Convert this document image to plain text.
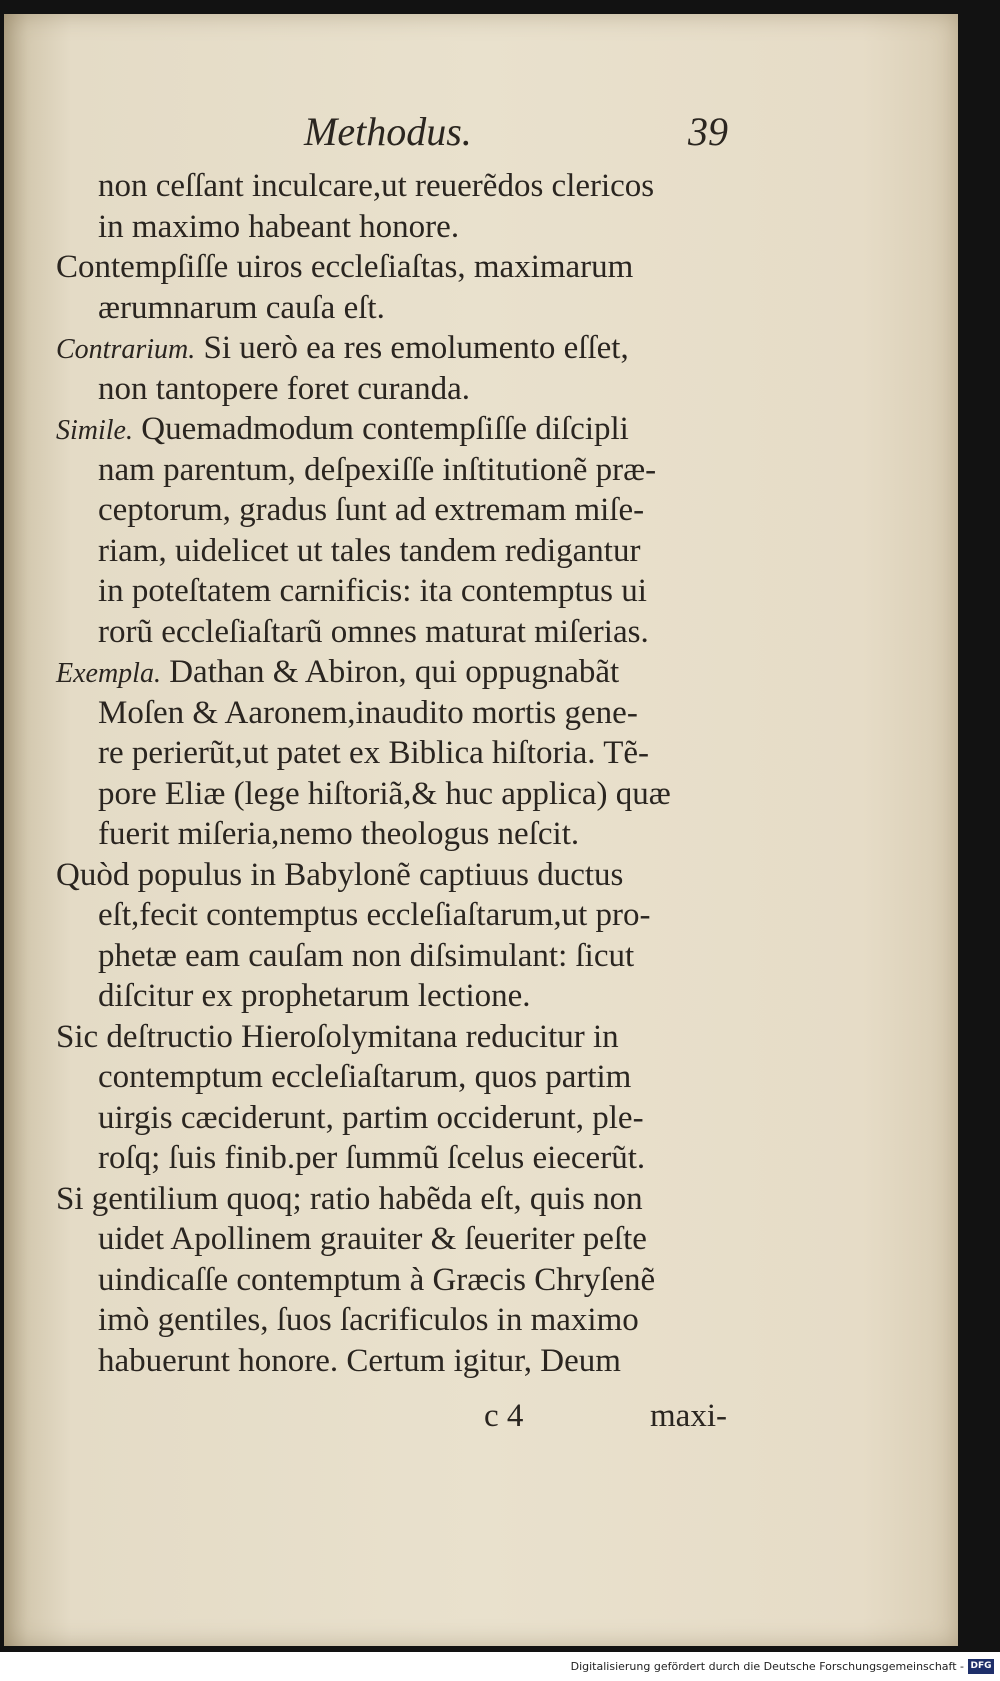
Methodus.	39
non ceſſant inculcare,ut reuerẽdos clericos
in maximo habeant honore.
Contempſiſſe uiros eccleſiaſtas, maximarum
ærumnarum cauſa eſt.
Contrarium. Si uerò ea res emolumento eſſet,
non tantopere foret curanda.
Simile. Quemadmodum contempſiſſe diſcipli
nam parentum, deſpexiſſe inſtitutionẽ præ-
ceptorum, gradus ſunt ad extremam miſe-
riam, uidelicet ut tales tandem redigantur
in poteſtatem carnificis: ita contemptus ui
rorũ eccleſiaſtarũ omnes maturat miſerias.
Exempla. Dathan & Abiron, qui oppugnabãt
Moſen & Aaronem,inaudito mortis gene-
re perierũt,ut patet ex Biblica hiſtoria. Tẽ-
pore Eliæ (lege hiſtoriã,& huc applica) quæ
fuerit miſeria,nemo theologus neſcit.
Quòd populus in Babylonẽ captiuus ductus
eſt,fecit contemptus eccleſiaſtarum,ut pro-
phetæ eam cauſam non diſsimulant: ſicut
diſcitur ex prophetarum lectione.
Sic deſtructio Hieroſolymitana reducitur in
contemptum eccleſiaſtarum, quos partim
uirgis cæciderunt, partim occiderunt, ple-
roſq; ſuis finib.per ſummũ ſcelus eiecerũt.
Si gentilium quoq; ratio habẽda eſt, quis non
uidet Apollinem grauiter & ſeueriter peſte
uindicaſſe contemptum à Græcis Chryſenẽ
imò gentiles, ſuos ſacrificulos in maximo
habuerunt honore. Certum igitur, Deum
c 4	maxi-
Digitalisierung gefördert durch die Deutsche Forschungsgemeinschaft - DFG
